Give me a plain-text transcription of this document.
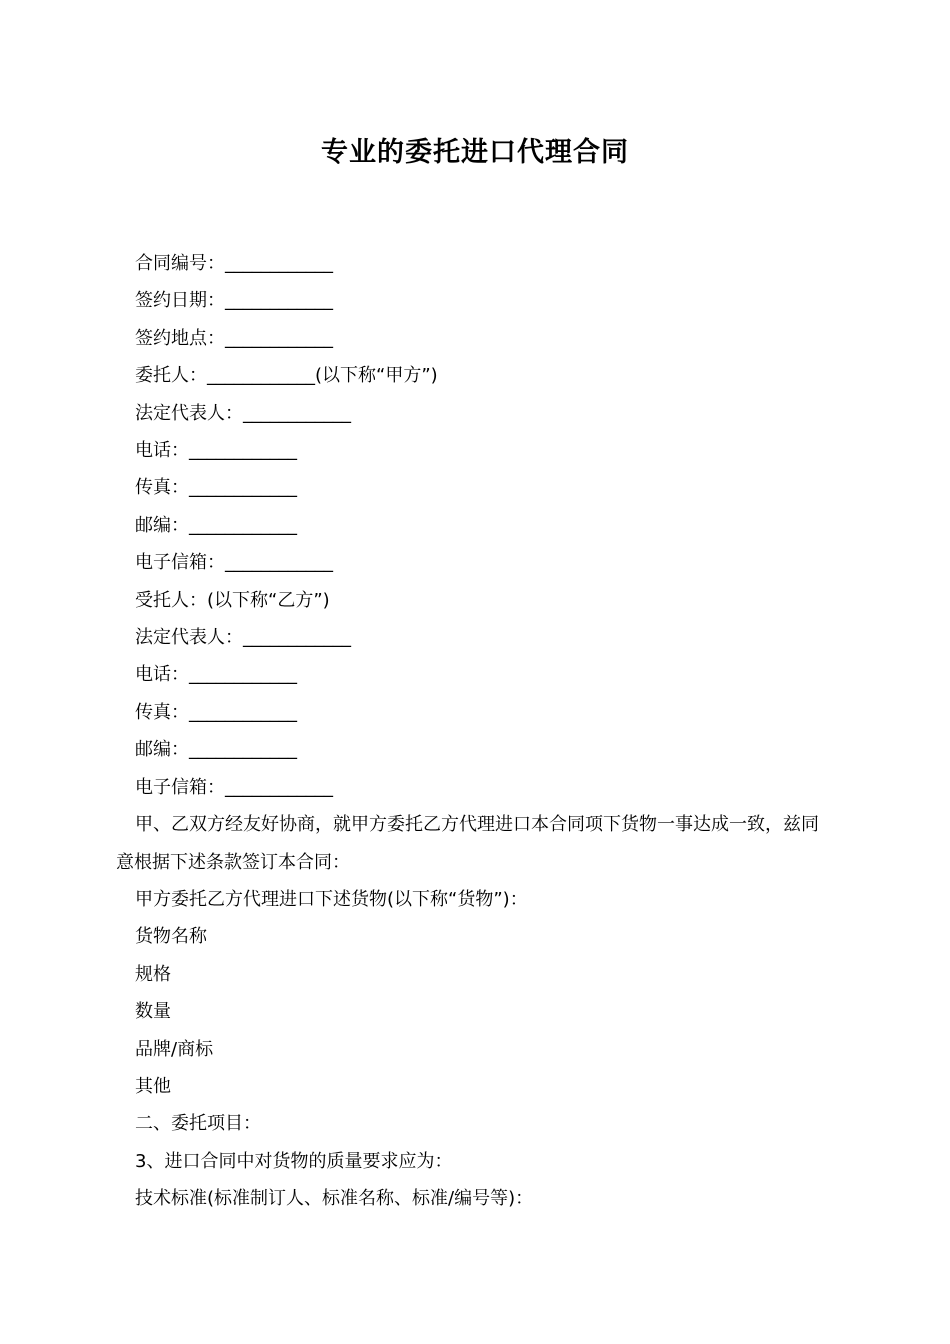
专业的委托进口代理合同
合同编号：____________
签约日期：____________
签约地点：____________
委托人：____________(以下称“甲方”)
法定代表人：____________
电话：____________
传真：____________
邮编：____________
电子信箱：____________
受托人：(以下称“乙方”)
法定代表人：____________
电话：____________
传真：____________
邮编：____________
电子信箱：____________
甲、乙双方经友好协商，就甲方委托乙方代理进口本合同项下货物一事达成一致，兹同意根据下述条款签订本合同：
甲方委托乙方代理进口下述货物(以下称“货物”)：
货物名称
规格
数量
品牌/商标
其他
二、委托项目：
3、进口合同中对货物的质量要求应为：
技术标准(标准制订人、标准名称、标准/编号等)：
